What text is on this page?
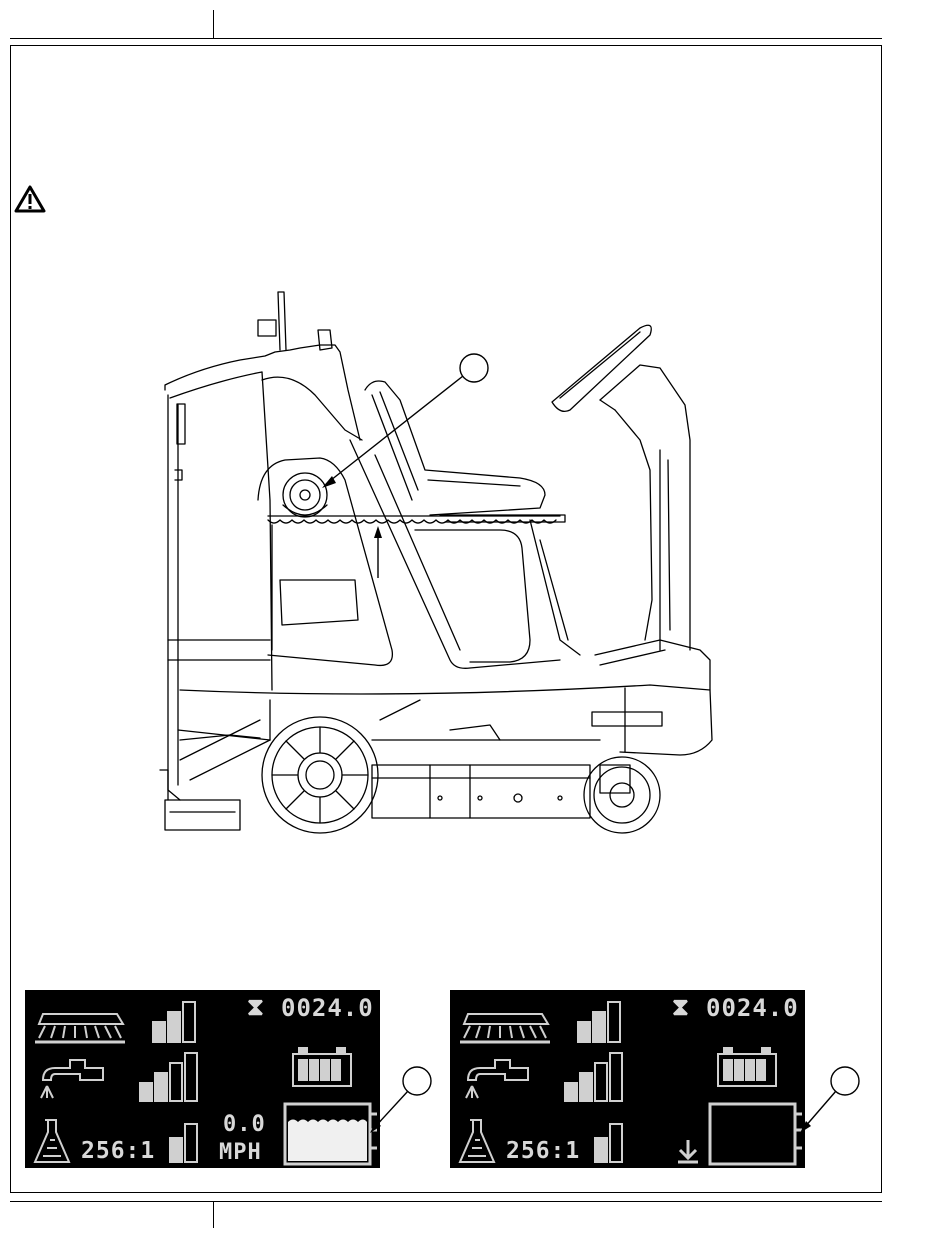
⧗ 0024.0
256:1
0.0
MPH
⧗ 0024.0
256:1
